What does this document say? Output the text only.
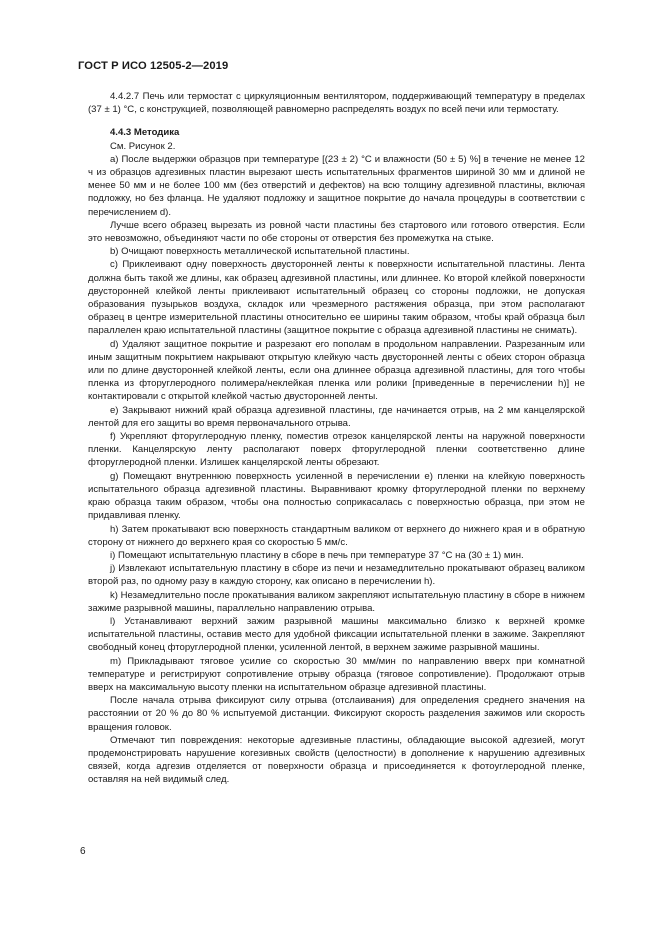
ГОСТ Р ИСО 12505-2—2019

4.4.2.7 Печь или термостат с циркуляционным вентилятором, поддерживающий температуру в пределах (37 ± 1) °С, с конструкцией, позволяющей равномерно распределять воздух по всей печи или термостату.

4.4.3 Методика

См. Рисунок 2.

а) После выдержки образцов при температуре [(23 ± 2) °С и влажности (50 ± 5) %] в течение не менее 12 ч из образцов адгезивных пластин вырезают шесть испытательных фрагментов шириной 30 мм и длиной не менее 50 мм и не более 100 мм (без отверстий и дефектов) на всю толщину адгезивной пластины, включая подложку, но без фланца. Не удаляют подложку и защитное покрытие до начала процедуры в соответствии с перечислением d).

Лучше всего образец вырезать из ровной части пластины без стартового или готового отверстия. Если это невозможно, объединяют части по обе стороны от отверстия без промежутка на стыке.

b) Очищают поверхность металлической испытательной пластины.

с) Приклеивают одну поверхность двусторонней ленты к поверхности испытательной пластины. Лента должна быть такой же длины, как образец адгезивной пластины, или длиннее. Ко второй клейкой поверхности двусторонней клейкой ленты приклеивают испытательный образец со стороны подложки, не допуская образования пузырьков воздуха, складок или чрезмерного растяжения образца, при этом располагают образец в центре измерительной пластины относительно ее ширины таким образом, чтобы край образца был параллелен краю испытательной пластины (защитное покрытие с образца адгезивной пластины не снимать).

d) Удаляют защитное покрытие и разрезают его пополам в продольном направлении. Разрезанным или иным защитным покрытием накрывают открытую клейкую часть двусторонней ленты с обеих сторон образца или по длине двусторонней клейкой ленты, если она длиннее образца адгезивной пластины, для того чтобы пленка из фторуглеродного полимера/неклейкая пленка или ролики [приведенные в перечислении h)] не контактировали с открытой клейкой частью двусторонней ленты.

е) Закрывают нижний край образца адгезивной пластины, где начинается отрыв, на 2 мм канцелярской лентой для его защиты во время первоначального отрыва.

f) Укрепляют фторуглеродную пленку, поместив отрезок канцелярской ленты на наружной поверхности пленки. Канцелярскую ленту располагают поверх фторуглеродной пленки соответственно длине фторуглеродной пленки. Излишек канцелярской ленты обрезают.

g) Помещают внутреннюю поверхность усиленной в перечислении е) пленки на клейкую поверхность испытательного образца адгезивной пластины. Выравнивают кромку фторуглеродной пленки по верхнему краю образца таким образом, чтобы она полностью соприкасалась с поверхностью образца, при этом не придавливая пленку.

h) Затем прокатывают всю поверхность стандартным валиком от верхнего до нижнего края и в обратную сторону от нижнего до верхнего края со скоростью 5 мм/с.

i) Помещают испытательную пластину в сборе в печь при температуре 37 °С на (30 ± 1) мин.

j) Извлекают испытательную пластину в сборе из печи и незамедлительно прокатывают образец валиком второй раз, по одному разу в каждую сторону, как описано в перечислении h).

k) Незамедлительно после прокатывания валиком закрепляют испытательную пластину в сборе в нижнем зажиме разрывной машины, параллельно направлению отрыва.

l) Устанавливают верхний зажим разрывной машины максимально близко к верхней кромке испытательной пластины, оставив место для удобной фиксации испытательной пленки в зажиме. Закрепляют свободный конец фторуглеродной пленки, усиленной лентой, в верхнем зажиме разрывной машины.

m) Прикладывают тяговое усилие со скоростью 30 мм/мин по направлению вверх при комнатной температуре и регистрируют сопротивление отрыву образца (тяговое сопротивление). Продолжают отрыв вверх на максимальную высоту пленки на испытательном образце адгезивной пластины.

После начала отрыва фиксируют силу отрыва (отслаивания) для определения среднего значения на расстоянии от 20 % до 80 % испытуемой дистанции. Фиксируют скорость разделения зажимов или скорость вращения головок.

Отмечают тип повреждения: некоторые адгезивные пластины, обладающие высокой адгезией, могут продемонстрировать нарушение когезивных свойств (целостности) в дополнение к нарушению адгезивных связей, когда адгезив отделяется от поверхности образца и присоединяется к фотоуглеродной пленке, оставляя на ней видимый след.

6
